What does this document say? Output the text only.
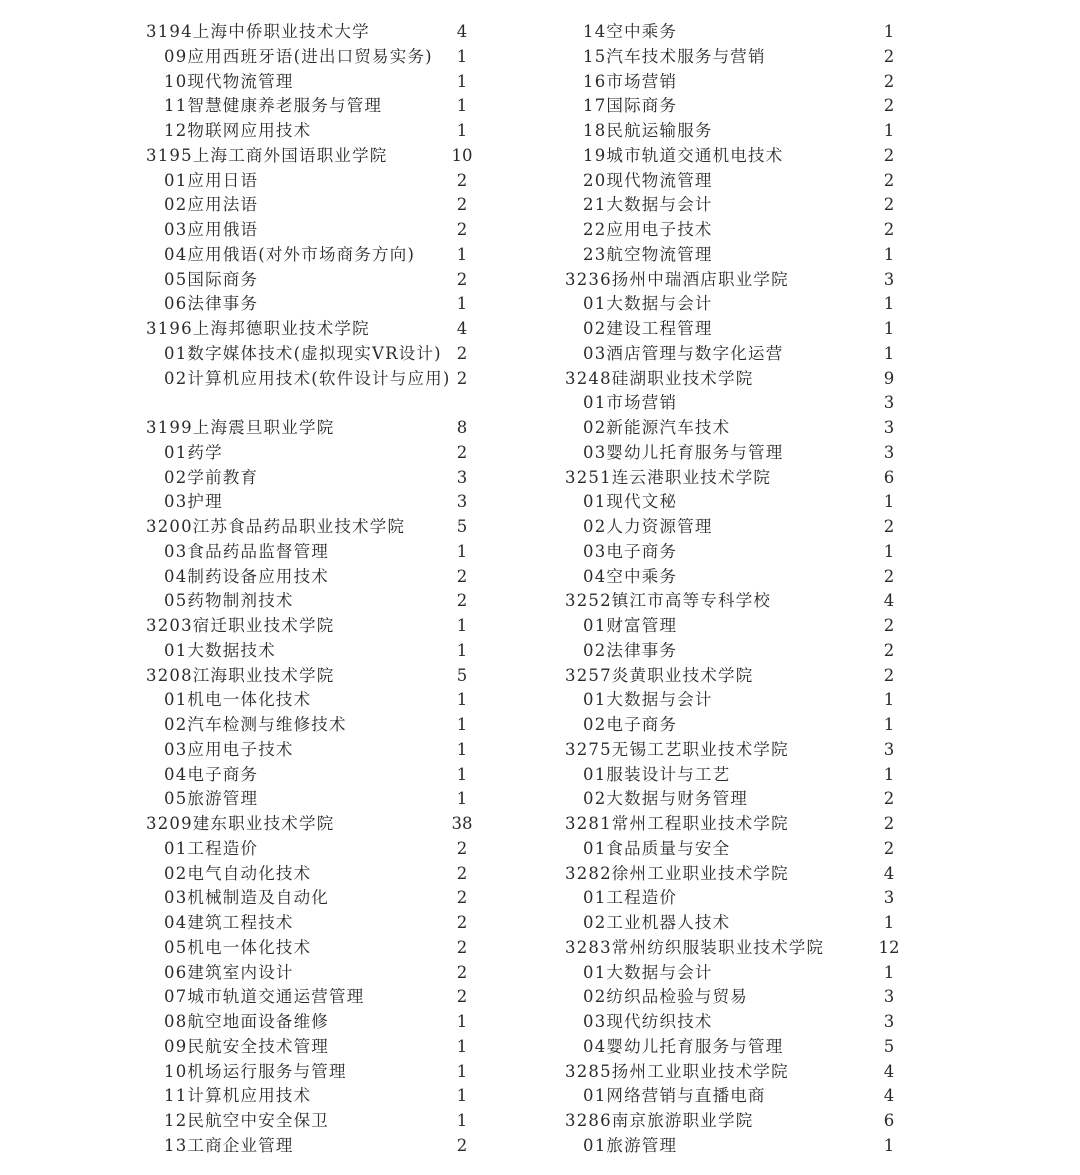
3194上海中侨职业技术大学	4
09应用西班牙语(进出口贸易实务)	1
10现代物流管理	1
11智慧健康养老服务与管理	1
12物联网应用技术	1
3195上海工商外国语职业学院	10
01应用日语	2
02应用法语	2
03应用俄语	2
04应用俄语(对外市场商务方向)	1
05国际商务	2
06法律事务	1
3196上海邦德职业技术学院	4
01数字媒体技术(虚拟现实VR设计) 2
02计算机应用技术(软件设计与应用) 2
3199上海震旦职业学院	8
01药学	2
02学前教育	3
03护理	3
3200江苏食品药品职业技术学院	5
03食品药品监督管理	1
04制药设备应用技术	2
05药物制剂技术	2
3203宿迁职业技术学院	1
01大数据技术	1
3208江海职业技术学院	5
01机电一体化技术	1
02汽车检测与维修技术	1
03应用电子技术	1
04电子商务	1
05旅游管理	1
3209建东职业技术学院	38
01工程造价	2
02电气自动化技术	2
03机械制造及自动化	2
04建筑工程技术	2
05机电一体化技术	2
06建筑室内设计	2
07城市轨道交通运营管理	2
08航空地面设备维修	1
09民航安全技术管理	1
10机场运行服务与管理	1
11计算机应用技术	1
12民航空中安全保卫	1
13工商企业管理	2
14空中乘务	1
15汽车技术服务与营销	2
16市场营销	2
17国际商务	2
18民航运输服务	1
19城市轨道交通机电技术	2
20现代物流管理	2
21大数据与会计	2
22应用电子技术	2
23航空物流管理	1
3236扬州中瑞酒店职业学院	3
01大数据与会计	1
02建设工程管理	1
03酒店管理与数字化运营	1
3248硅湖职业技术学院	9
01市场营销	3
02新能源汽车技术	3
03婴幼儿托育服务与管理	3
3251连云港职业技术学院	6
01现代文秘	1
02人力资源管理	2
03电子商务	1
04空中乘务	2
3252镇江市高等专科学校	4
01财富管理	2
02法律事务	2
3257炎黄职业技术学院	2
01大数据与会计	1
02电子商务	1
3275无锡工艺职业技术学院	3
01服装设计与工艺	1
02大数据与财务管理	2
3281常州工程职业技术学院	2
01食品质量与安全	2
3282徐州工业职业技术学院	4
01工程造价	3
02工业机器人技术	1
3283常州纺织服装职业技术学院	12
01大数据与会计	1
02纺织品检验与贸易	3
03现代纺织技术	3
04婴幼儿托育服务与管理	5
3285扬州工业职业技术学院	4
01网络营销与直播电商	4
3286南京旅游职业学院	6
01旅游管理	1
